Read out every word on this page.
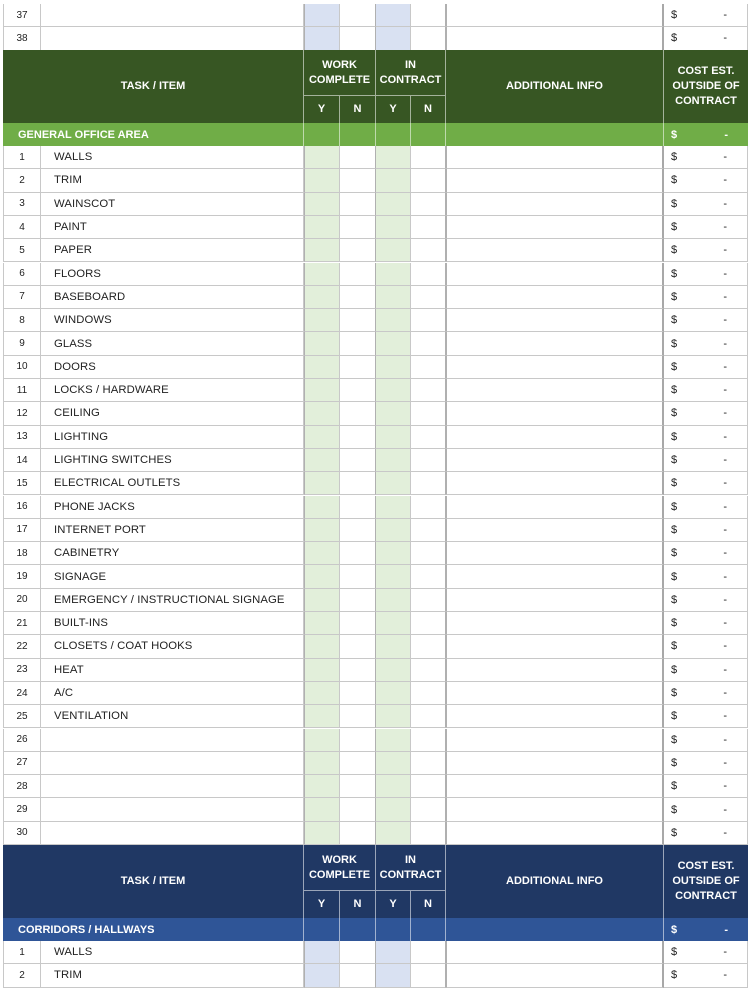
37	$	-
38	$	-
TASK / ITEM
WORK
COMPLETE
IN
CONTRACT
Y	N	Y	N
ADDITIONAL INFO
COST EST.
OUTSIDE OF
CONTRACT
GENERAL OFFICE AREA	$	-
1	WALLS	$	-
2	TRIM	$	-
3	WAINSCOT	$	-
4	PAINT	$	-
5	PAPER	$	-
6	FLOORS	$	-
7	BASEBOARD	$	-
8	WINDOWS	$	-
9	GLASS	$	-
10	DOORS	$	-
11	LOCKS / HARDWARE	$	-
12	CEILING	$	-
13	LIGHTING	$	-
14	LIGHTING SWITCHES	$	-
15	ELECTRICAL OUTLETS	$	-
16	PHONE JACKS	$	-
17	INTERNET PORT	$	-
18	CABINETRY	$	-
19	SIGNAGE	$	-
20	EMERGENCY / INSTRUCTIONAL SIGNAGE	$	-
21	BUILT-INS	$	-
22	CLOSETS / COAT HOOKS	$	-
23	HEAT	$	-
24	A/C	$	-
25	VENTILATION	$	-
26	$	-
27	$	-
28	$	-
29	$	-
30	$	-
TASK / ITEM
WORK
COMPLETE
IN
CONTRACT
Y	N	Y	N
ADDITIONAL INFO
COST EST.
OUTSIDE OF
CONTRACT
CORRIDORS / HALLWAYS	$	-
1	WALLS	$	-
2	TRIM	$	-
